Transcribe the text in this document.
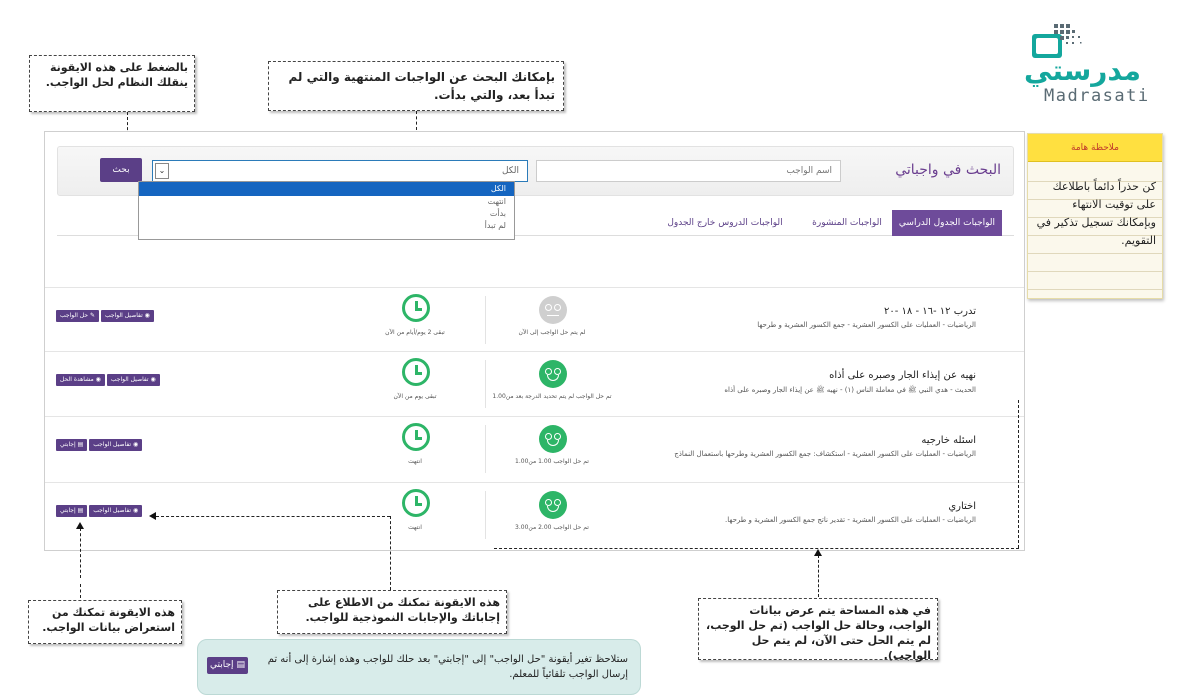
مدرستي
Madrasati
بالضغط على هذه الايقونة ينقلك النظام لحل الواجب.	بإمكانك البحث عن الواجبات المنتهية والتي لم تبدأ بعد، والتي بدأت.
البحث في واجباتي
اسم الواجب
الكل
⌄
بحث
الواجبات الجدول الدراسي
الواجبات المنشورة
الواجبات الدروس خارج الجدول
تدرب ١٢ -١٦ - ١٨ -٢٠
الرياضيات - العمليات على الكسور العشرية - جمع الكسور العشرية و طرحها
لم يتم حل الواجب إلى الآن
تبقى 2 يوم/أيام من الآن
✎ حل الواجب	◉ تفاصيل الواجب
نهيه عن إيذاء الجار وصبره على أذاه
الحديث - هدي النبي ﷺ في معاملة الناس (١) - نهيه ﷺ عن إيذاء الجار وصبره على أذاه
تم حل الواجب لم يتم تحديد الدرجة بعد من1.00
تبقى يوم من الآن
◉ مشاهدة الحل	◉ تفاصيل الواجب
اسئله خارجيه
الرياضيات - العمليات على الكسور العشرية - استكشاف: جمع الكسور العشرية وطرحها باستعمال النماذج
تم حل الواجب 1.00 من1.00
انتهت
▤ إجابتي	◉ تفاصيل الواجب
اختاري
الرياضيات - العمليات على الكسور العشرية - تقدير ناتج جمع الكسور العشرية و طرحها.
تم حل الواجب 2.00 من3.00
انتهت
▤ إجابتي	◉ تفاصيل الواجب
الكل
انتهت
بدأت
لم تبدأ
ملاحظة هامة
كن حذراً دائماً باطلاعك على توقيت الانتهاء وبإمكانك تسجيل تذكير في التقويم.
هذه الايقونة تمكنك من استعراض بيانات الواجب.
هذه الايقونة تمكنك من الاطلاع على إجاباتك والإجابات النموذجية للواجب.
في هذه المساحة يتم عرض بيانات الواجب، وحالة حل الواجب (تم حل الوجب، لم يتم الحل حتى الآن، لم يتم حل الواجب).
▤ إجابتي	ستلاحظ تغير أيقونة "حل الواجب" إلى "إجابتي" بعد حلك للواجب وهذه إشارة إلى أنه تم إرسال الواجب تلقائياً للمعلم.
